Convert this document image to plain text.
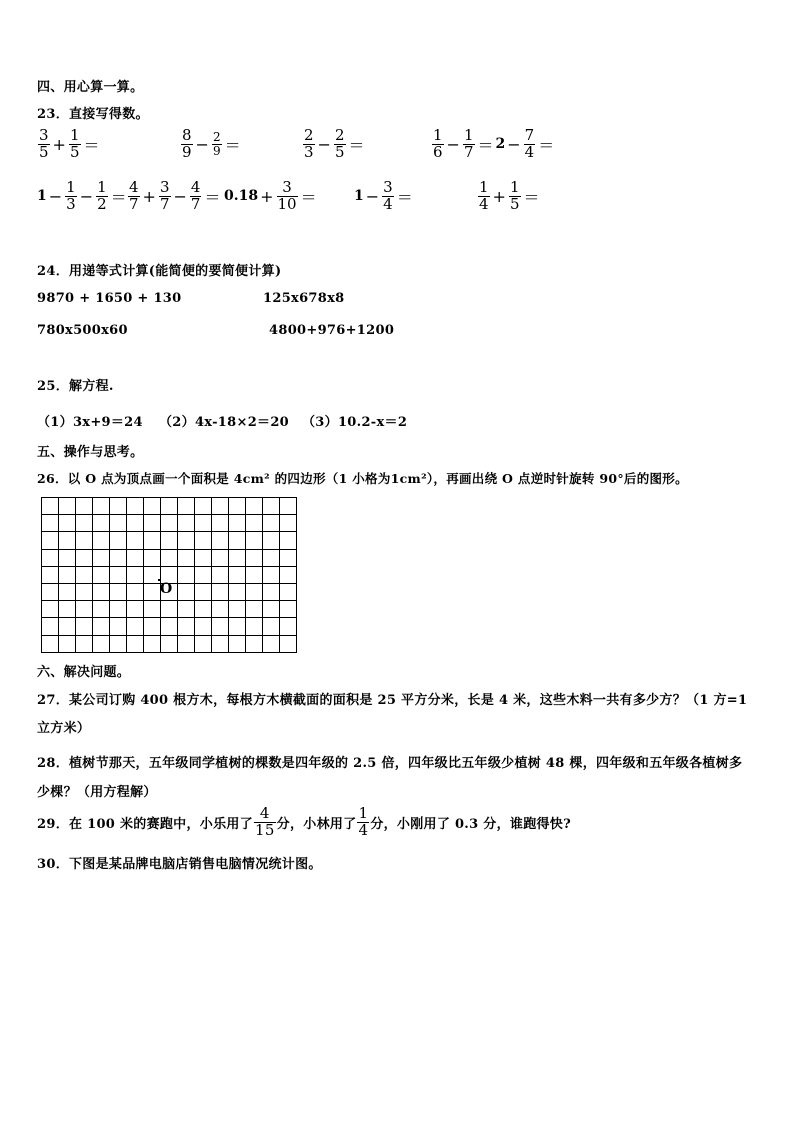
四、用心算一算。
23．直接写得数。
$\frac{3}{5} + \frac{1}{5}$ ＝	$\frac{8}{9} - \frac{2}{9}$ ＝	$\frac{2}{3} - \frac{2}{5}$ ＝	$\frac{1}{6} - \frac{1}{7} = 2 - \frac{7}{4}$ ＝
$1 - \frac{1}{3} - \frac{1}{2} = \frac{4}{7} + \frac{3}{7} - \frac{4}{7} = 0.18 + \frac{3}{10}$ ＝	$1 - \frac{3}{4}$ ＝	$\frac{1}{4} + \frac{1}{5}$ ＝
24．用递等式计算(能简便的要简便计算)
9870 + 1650 + 130	125x678x8
780x500x60	4800+976+1200
25．解方程.
（1）3x+9＝24 （2）4x-18×2＝20 （3）10.2-x＝2
五、操作与思考。
26．以 O 点为顶点画一个面积是 4cm² 的四边形（1 小格为1cm²），再画出绕 O 点逆时针旋转 90°后的图形。
O
六、解决问题。
27．某公司订购 400 根方木，每根方木横截面的面积是 25 平方分米，长是 4 米，这些木料一共有多少方？（1 方=1
立方米）
28．植树节那天，五年级同学植树的棵数是四年级的 2.5 倍，四年级比五年级少植树 48 棵，四年级和五年级各植树多
少棵？（用方程解）
29．在 100 米的赛跑中，小乐用了 $\frac{4}{15}$ 分，小林用了 $\frac{1}{4}$ 分，小刚用了 0.3 分，谁跑得快?
30．下图是某品牌电脑店销售电脑情况统计图。
